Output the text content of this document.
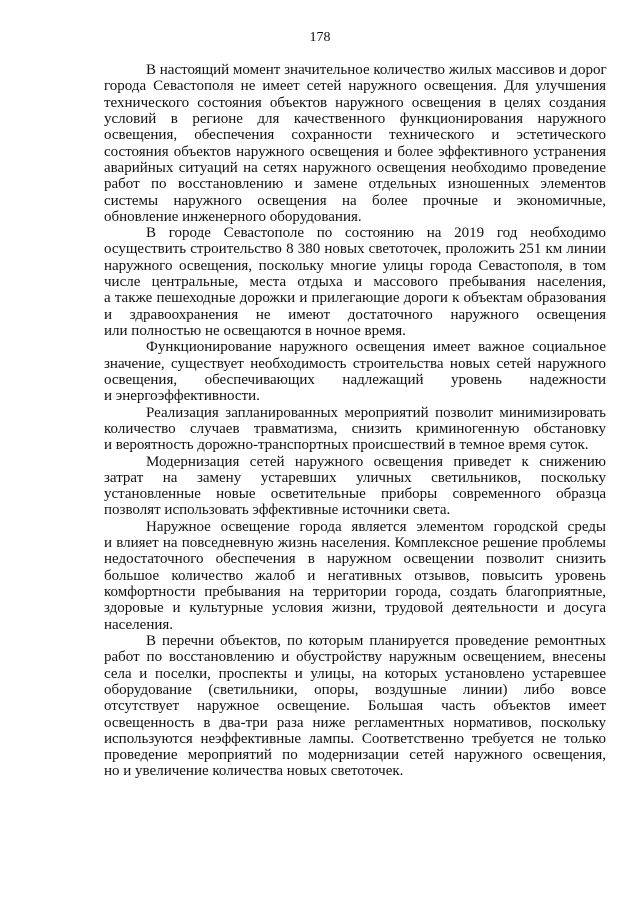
178
В настоящий момент значительное количество жилых массивов и дорог
города Севастополя не имеет сетей наружного освещения. Для улучшения
технического состояния объектов наружного освещения в целях создания
условий в регионе для качественного функционирования наружного
освещения, обеспечения сохранности технического и эстетического
состояния объектов наружного освещения и более эффективного устранения
аварийных ситуаций на сетях наружного освещения необходимо проведение
работ по восстановлению и замене отдельных изношенных элементов
системы наружного освещения на более прочные и экономичные,
обновление инженерного оборудования.
В городе Севастополе по состоянию на 2019 год необходимо
осуществить строительство 8 380 новых светоточек, проложить 251 км линии
наружного освещения, поскольку многие улицы города Севастополя, в том
числе центральные, места отдыха и массового пребывания населения,
а также пешеходные дорожки и прилегающие дороги к объектам образования
и здравоохранения не имеют достаточного наружного освещения
или полностью не освещаются в ночное время.
Функционирование наружного освещения имеет важное социальное
значение, существует необходимость строительства новых сетей наружного
освещения, обеспечивающих надлежащий уровень надежности
и энергоэффективности.
Реализация запланированных мероприятий позволит минимизировать
количество случаев травматизма, снизить криминогенную обстановку
и вероятность дорожно-транспортных происшествий в темное время суток.
Модернизация сетей наружного освещения приведет к снижению
затрат на замену устаревших уличных светильников, поскольку
установленные новые осветительные приборы современного образца
позволят использовать эффективные источники света.
Наружное освещение города является элементом городской среды
и влияет на повседневную жизнь населения. Комплексное решение проблемы
недостаточного обеспечения в наружном освещении позволит снизить
большое количество жалоб и негативных отзывов, повысить уровень
комфортности пребывания на территории города, создать благоприятные,
здоровые и культурные условия жизни, трудовой деятельности и досуга
населения.
В перечни объектов, по которым планируется проведение ремонтных
работ по восстановлению и обустройству наружным освещением, внесены
села и поселки, проспекты и улицы, на которых установлено устаревшее
оборудование (светильники, опоры, воздушные линии) либо вовсе
отсутствует наружное освещение. Большая часть объектов имеет
освещенность в два-три раза ниже регламентных нормативов, поскольку
используются неэффективные лампы. Соответственно требуется не только
проведение мероприятий по модернизации сетей наружного освещения,
но и увеличение количества новых светоточек.
